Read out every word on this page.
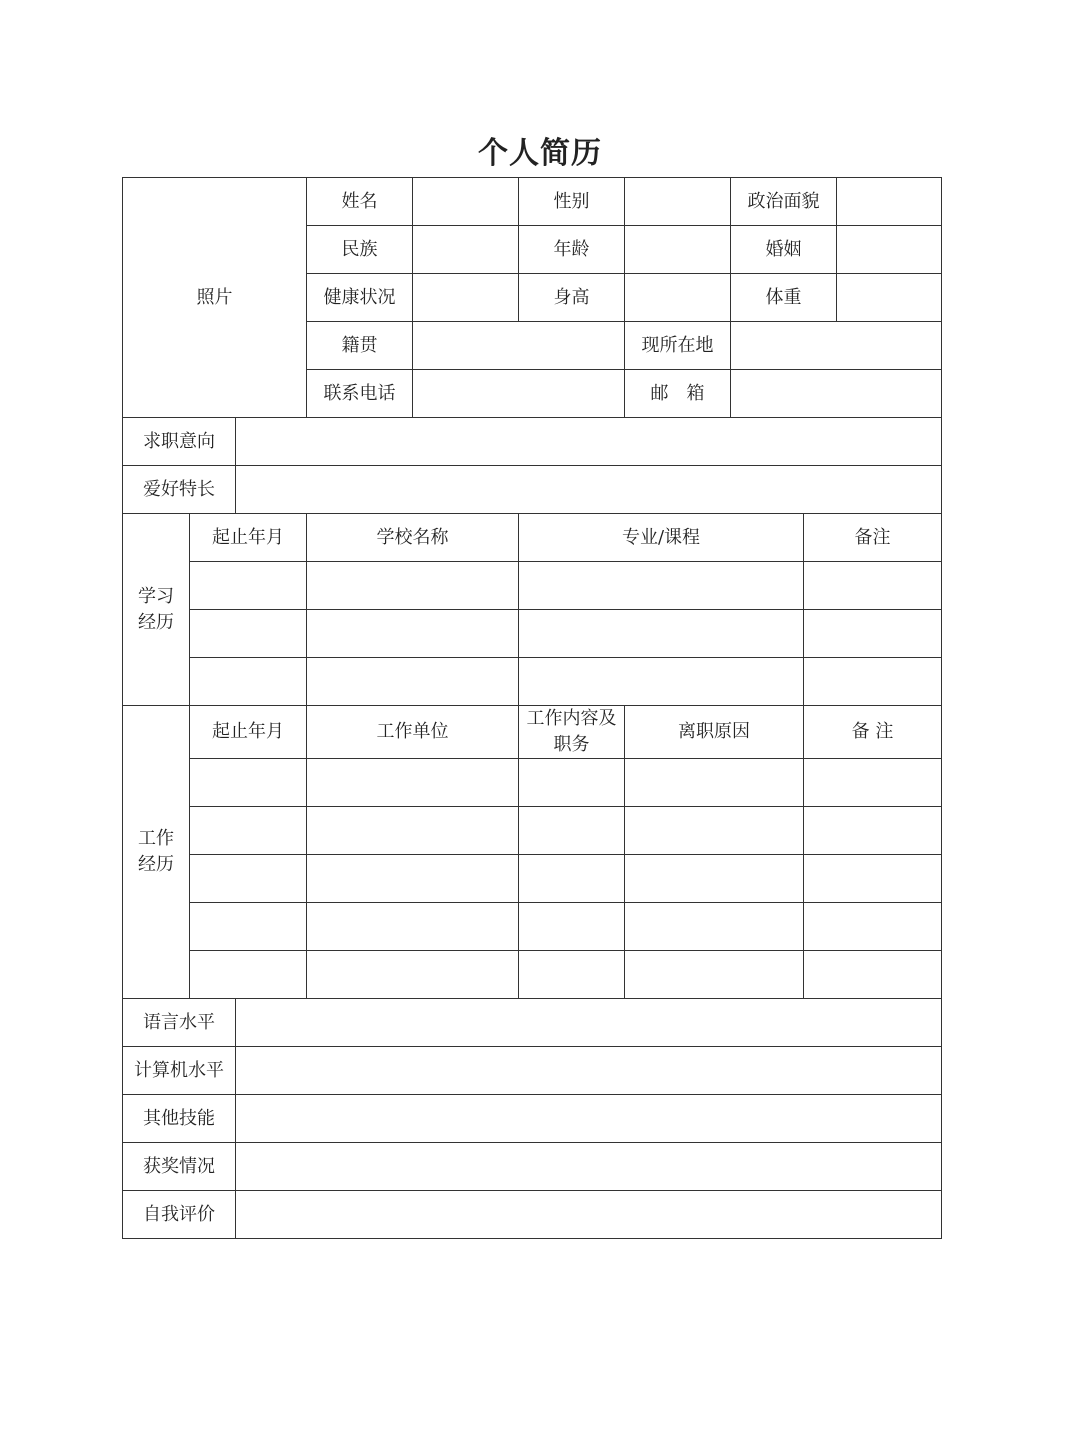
个人简历
照片			姓名		性别		政治面貌		
			民族		年龄		婚姻		
			健康状况		身高		体重		
			籍贯			现所在地			
			联系电话			邮　箱			
求职意向									
爱好特长									

学习
经历	起止年月		学校名称		专业/课程			备注	

工作
经历	起止年月		工作单位		工作内容及职务	离职原因		备 注	

语言水平									
计算机水平									
其他技能									
获奖情况									
自我评价									
